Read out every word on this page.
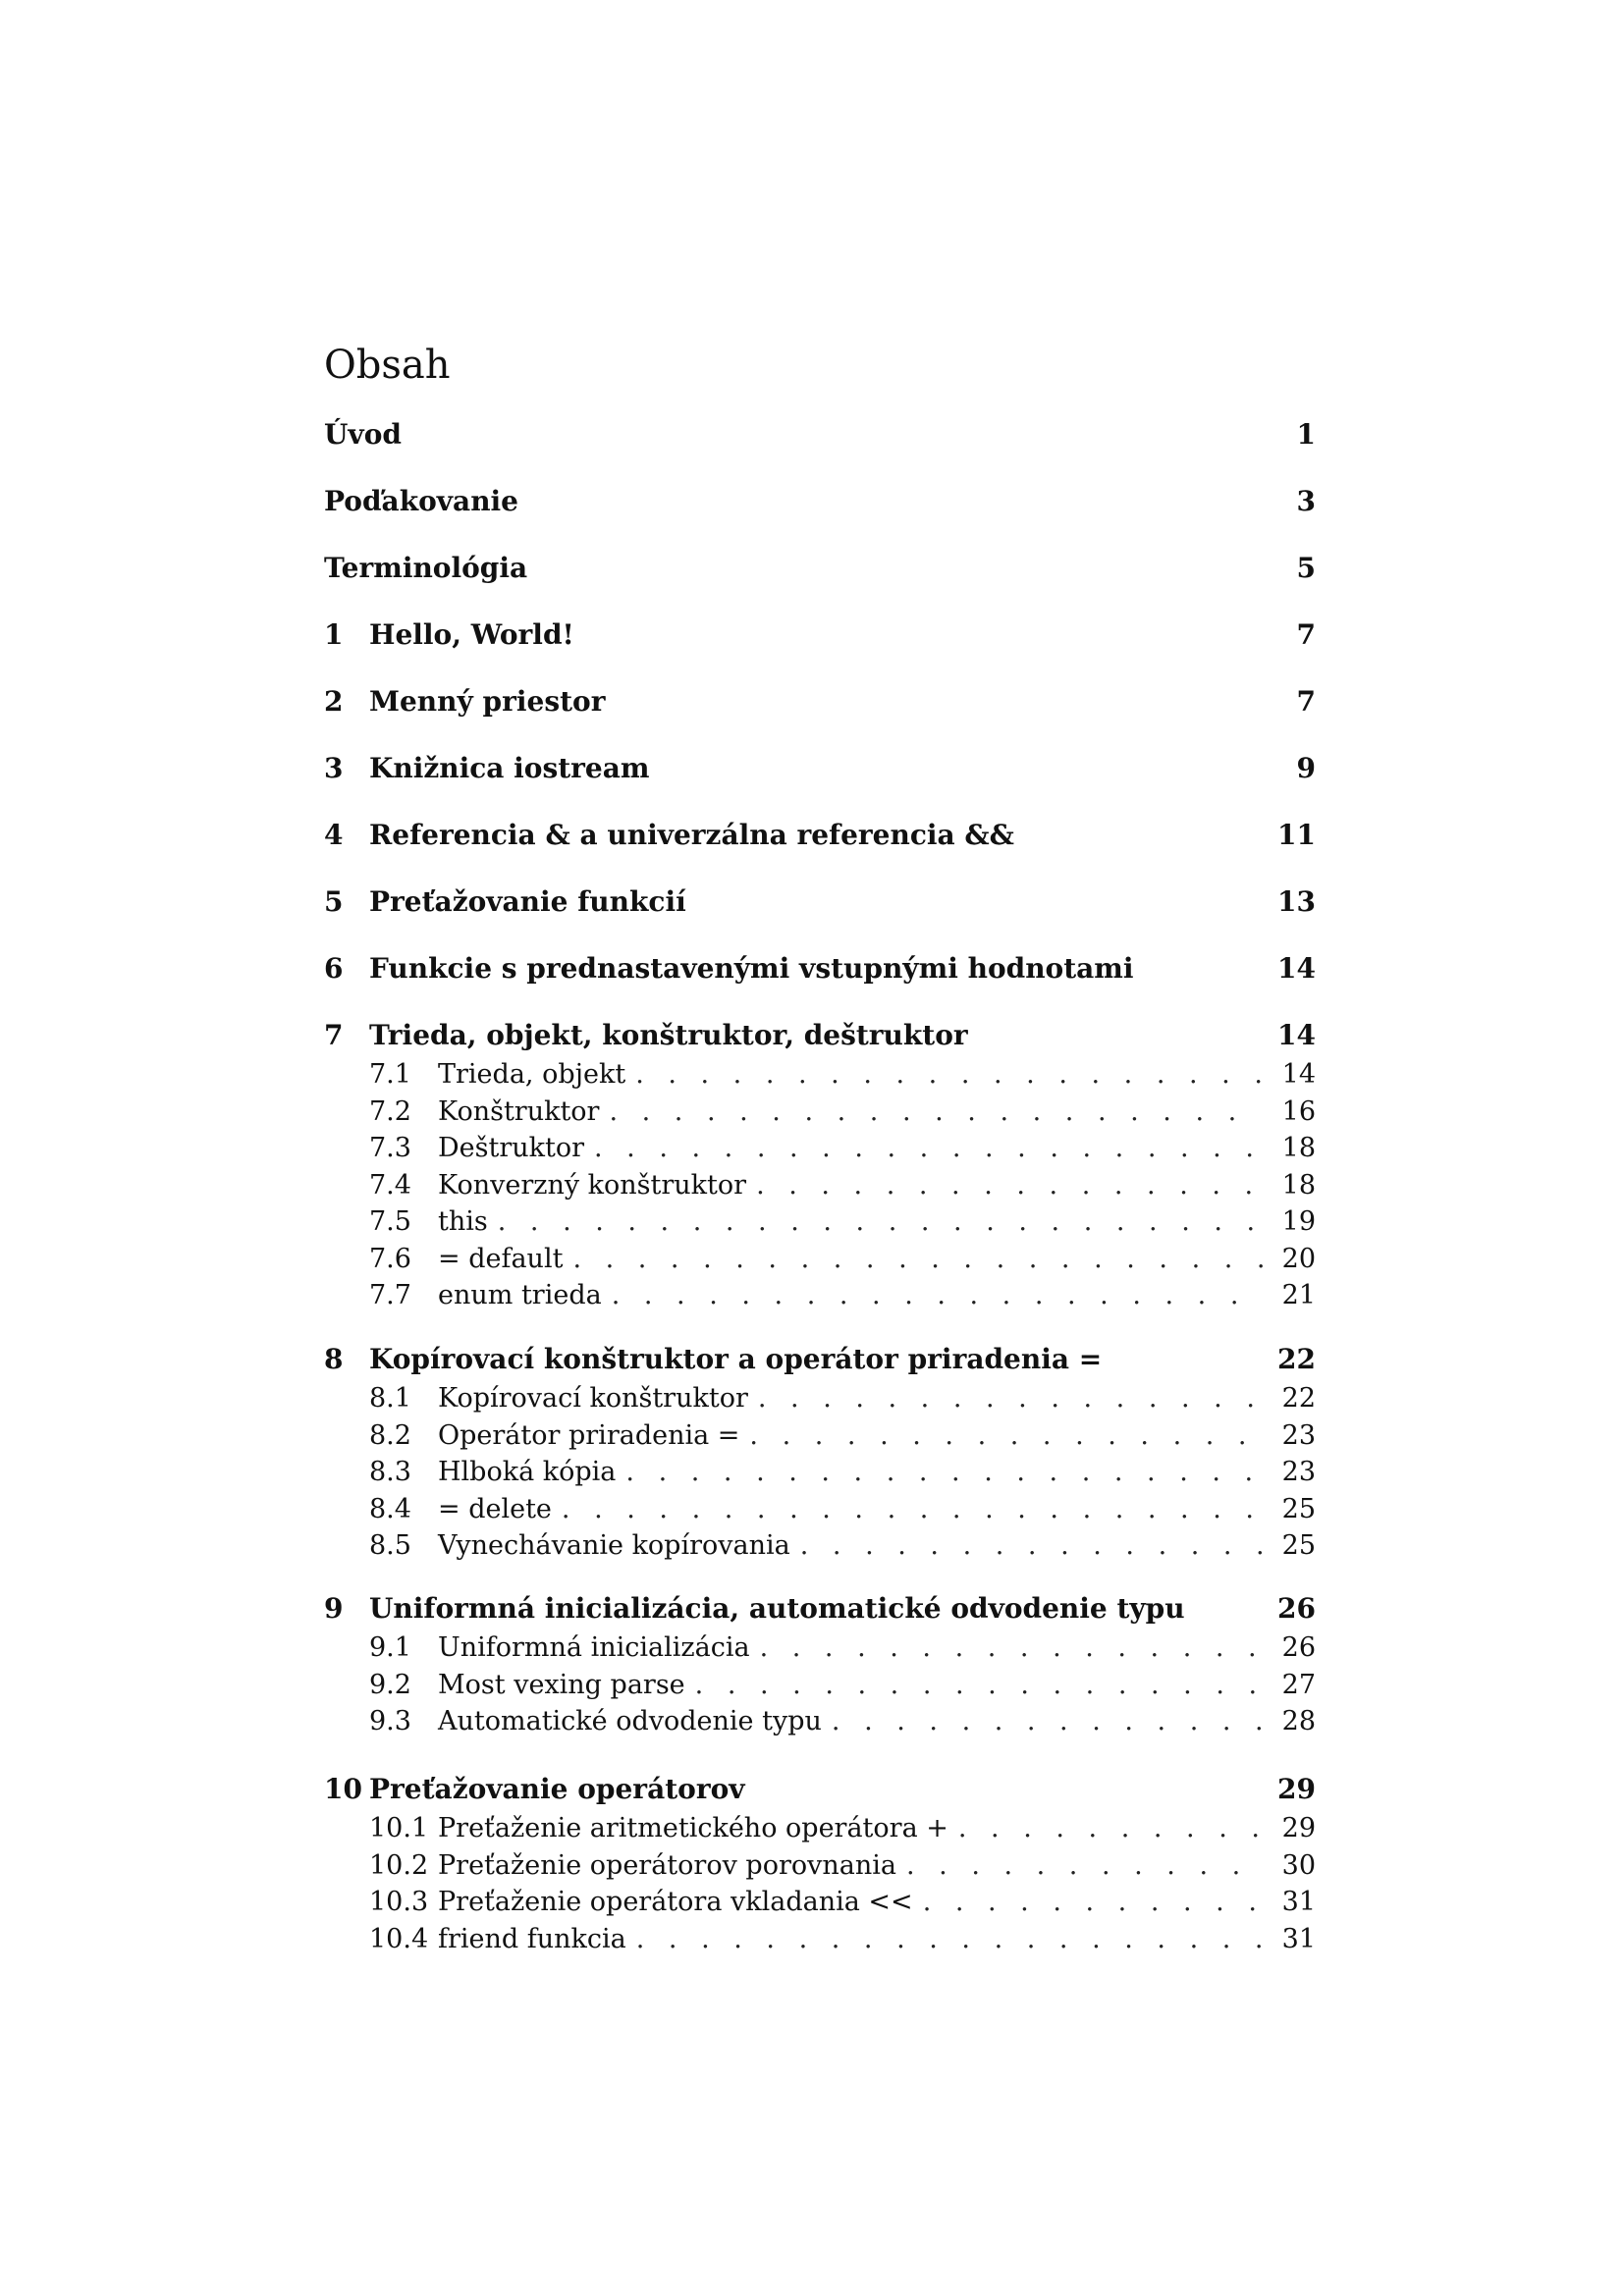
Obsah
Úvod	1
Poďakovanie	3
Terminológia	5
1 Hello, World!	7
2 Menný priestor	7
3 Knižnica iostream	9
4 Referencia & a univerzálna referencia &&	11
5 Preťažovanie funkcií	13
6 Funkcie s prednastavenými vstupnými hodnotami	14
7 Trieda, objekt, konštruktor, deštruktor	14
7.1	Trieda, objekt . . .	14
7.2	Konštruktor . . .	16
7.3	Deštruktor . . .	18
7.4	Konverzný konštruktor . . .	18
7.5	this . . .	19
7.6	= default . . .	20
7.7	enum trieda . . .	21
8 Kopírovací konštruktor a operátor priradenia =	22
8.1	Kopírovací konštruktor . . .	22
8.2	Operátor priradenia = . . .	23
8.3	Hlboká kópia . . .	23
8.4	= delete . . .	25
8.5	Vynechávanie kopírovania . . .	25
9 Uniformná inicializácia, automatické odvodenie typu	26
9.1	Uniformná inicializácia . . .	26
9.2	Most vexing parse . . .	27
9.3	Automatické odvodenie typu . . .	28
10 Preťažovanie operátorov	29
10.1 Preťaženie aritmetického operátora + . . .	29
10.2 Preťaženie operátorov porovnania . . .	30
10.3 Preťaženie operátora vkladania << . . .	31
10.4 friend funkcia . . .	31
